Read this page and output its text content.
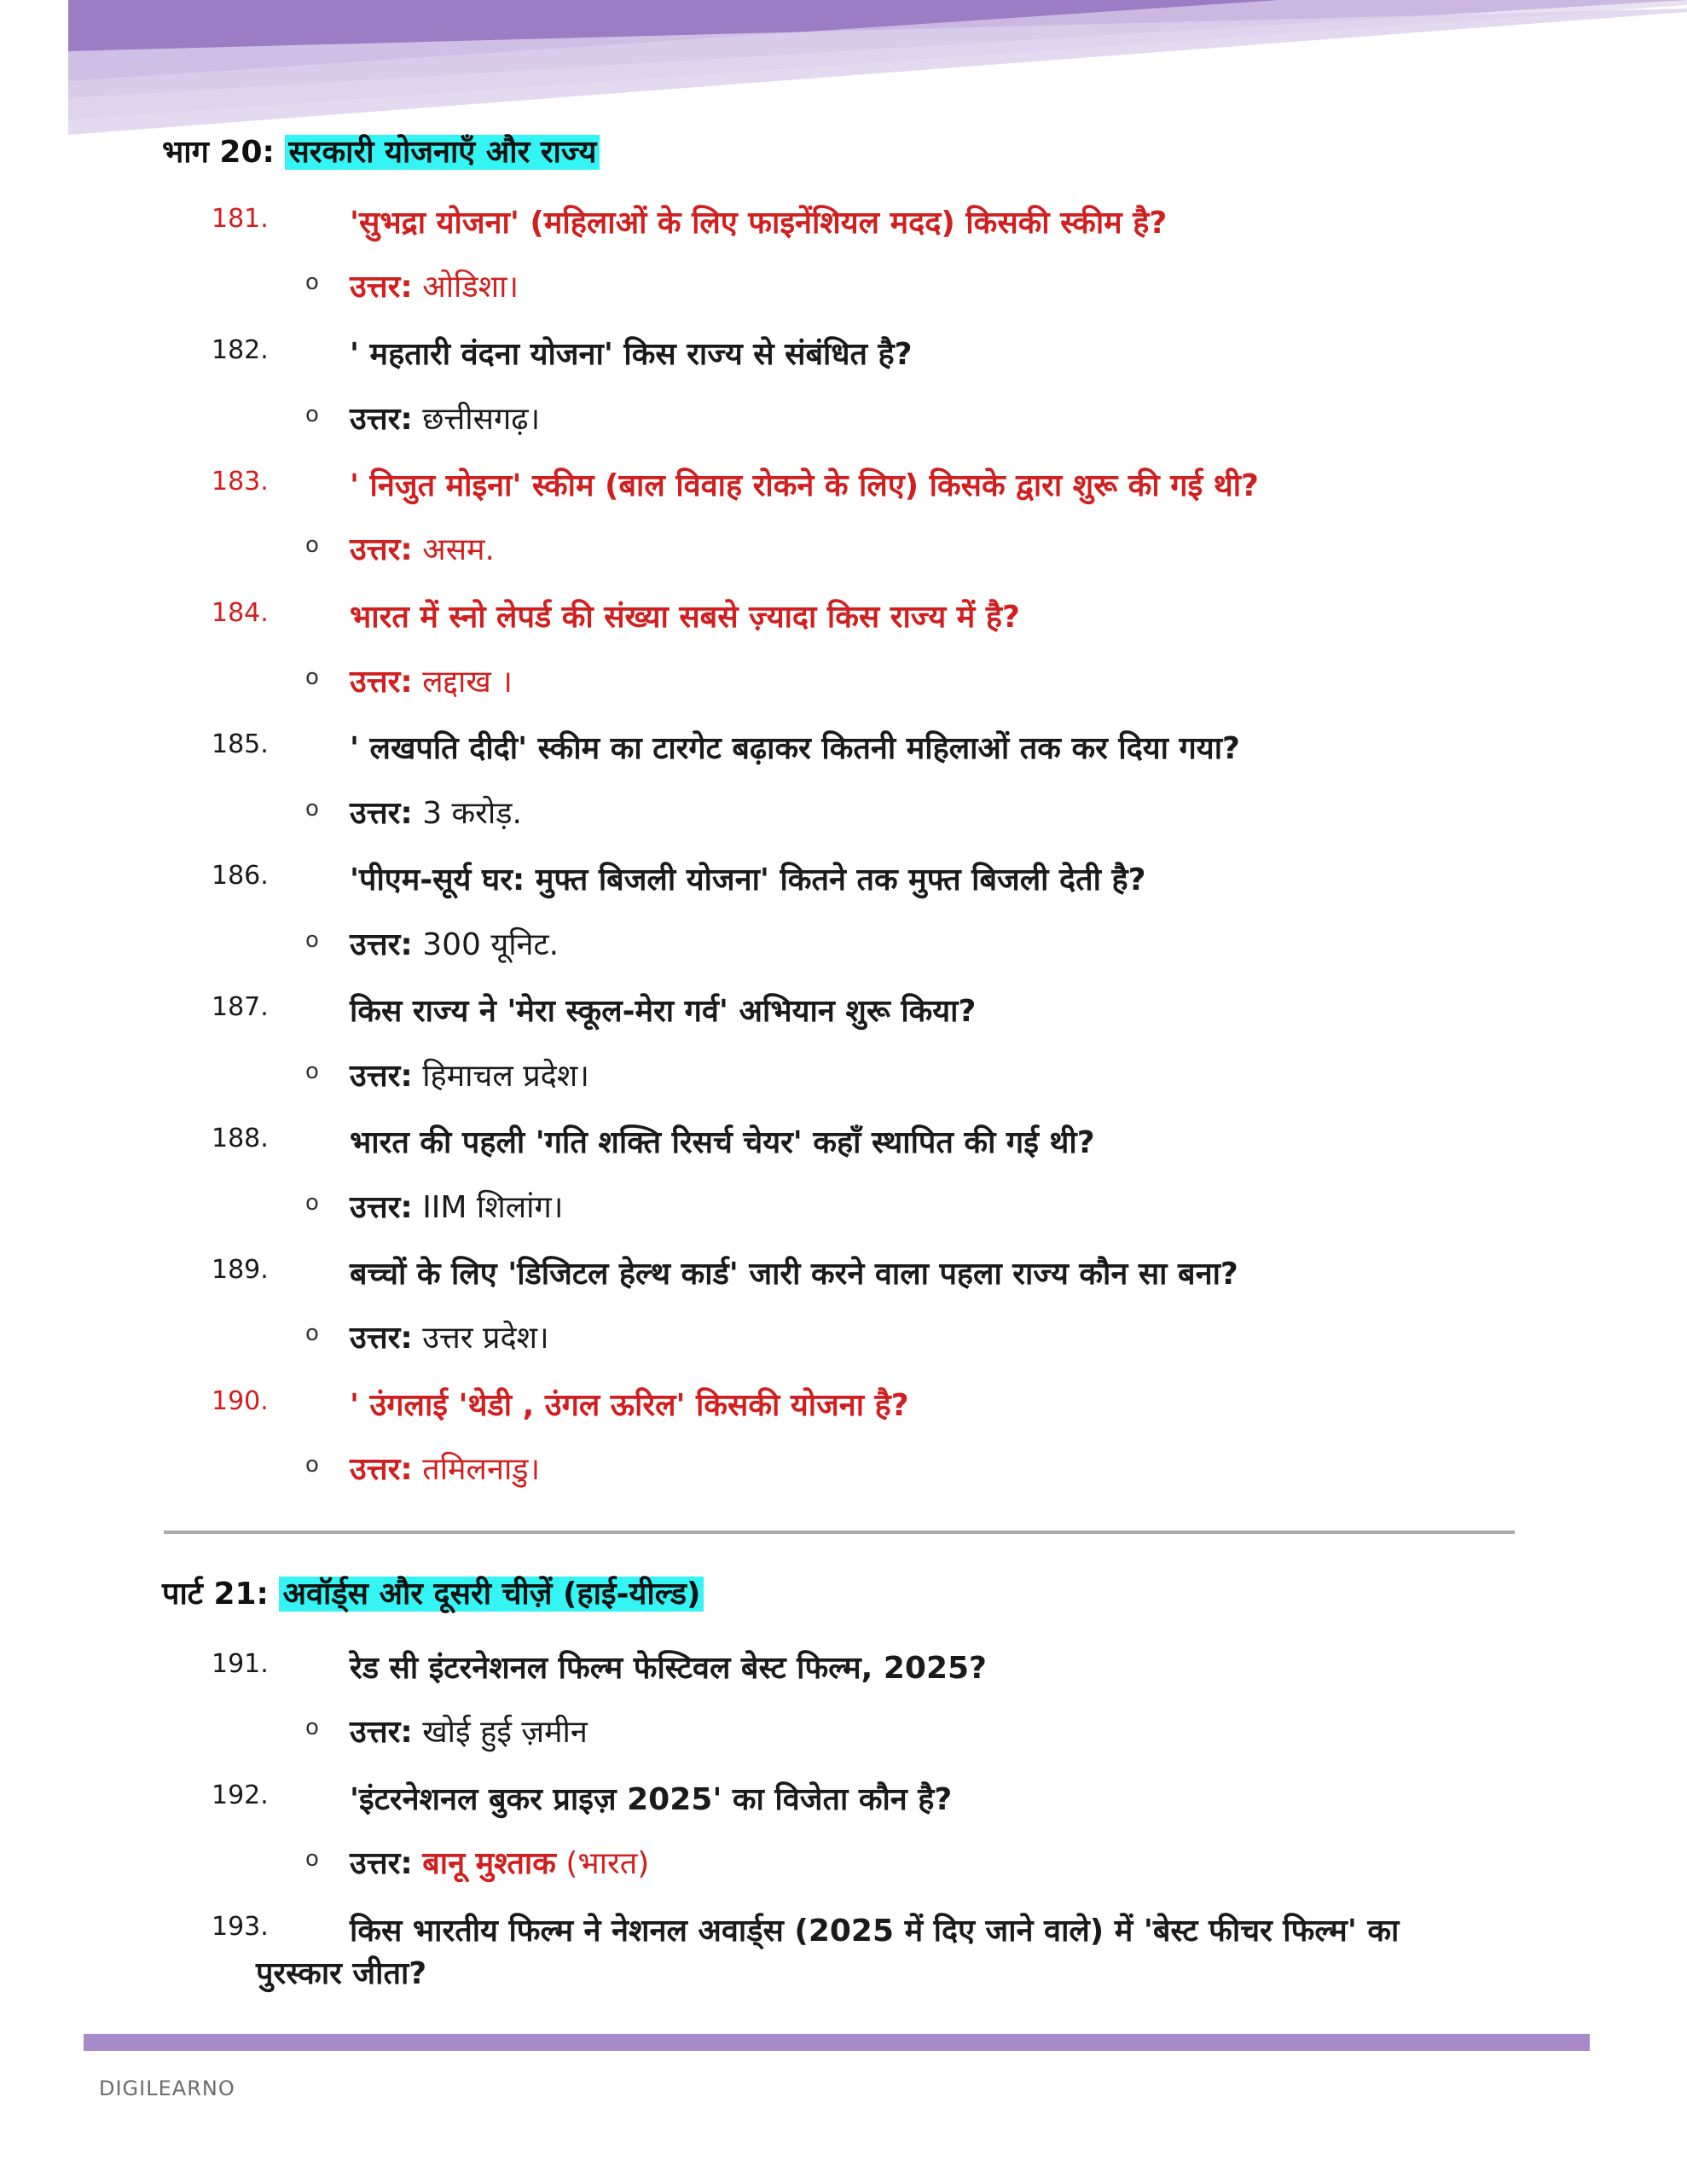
भाग 20: सरकारी योजनाएँ और राज्य
181.	'सुभद्रा योजना' (महिलाओं के लिए फाइनेंशियल मदद) किसकी स्कीम है?
o उत्तर: ओडिशा।
182.	' महतारी वंदना योजना' किस राज्य से संबंधित है?
o उत्तर: छत्तीसगढ़।
183.	' निजुत मोइना' स्कीम (बाल विवाह रोकने के लिए) किसके द्वारा शुरू की गई थी?
o उत्तर: असम.
184.	भारत में स्नो लेपर्ड की संख्या सबसे ज़्यादा किस राज्य में है?
o उत्तर: लद्दाख ।
185.	' लखपति दीदी' स्कीम का टारगेट बढ़ाकर कितनी महिलाओं तक कर दिया गया?
o उत्तर: 3 करोड़.
186.	'पीएम-सूर्य घर: मुफ्त बिजली योजना' कितने तक मुफ्त बिजली देती है?
o उत्तर: 300 यूनिट.
187.	किस राज्य ने 'मेरा स्कूल-मेरा गर्व' अभियान शुरू किया?
o उत्तर: हिमाचल प्रदेश।
188.	भारत की पहली 'गति शक्ति रिसर्च चेयर' कहाँ स्थापित की गई थी?
o उत्तर: IIM शिलांग।
189.	बच्चों के लिए 'डिजिटल हेल्थ कार्ड' जारी करने वाला पहला राज्य कौन सा बना?
o उत्तर: उत्तर प्रदेश।
190.	' उंगलाई 'थेडी , उंगल ऊरिल' किसकी योजना है?
o उत्तर: तमिलनाडु।
पार्ट 21: अवॉर्ड्स और दूसरी चीज़ें (हाई-यील्ड)
191.	रेड सी इंटरनेशनल फिल्म फेस्टिवल बेस्ट फिल्म, 2025?
o उत्तर: खोई हुई ज़मीन
192.	'इंटरनेशनल बुकर प्राइज़ 2025' का विजेता कौन है?
o उत्तर: बानू मुश्ताक (भारत)
193.	किस भारतीय फिल्म ने नेशनल अवार्ड्स (2025 में दिए जाने वाले) में 'बेस्ट फीचर फिल्म' का
पुरस्कार जीता?
DIGILEARNO
